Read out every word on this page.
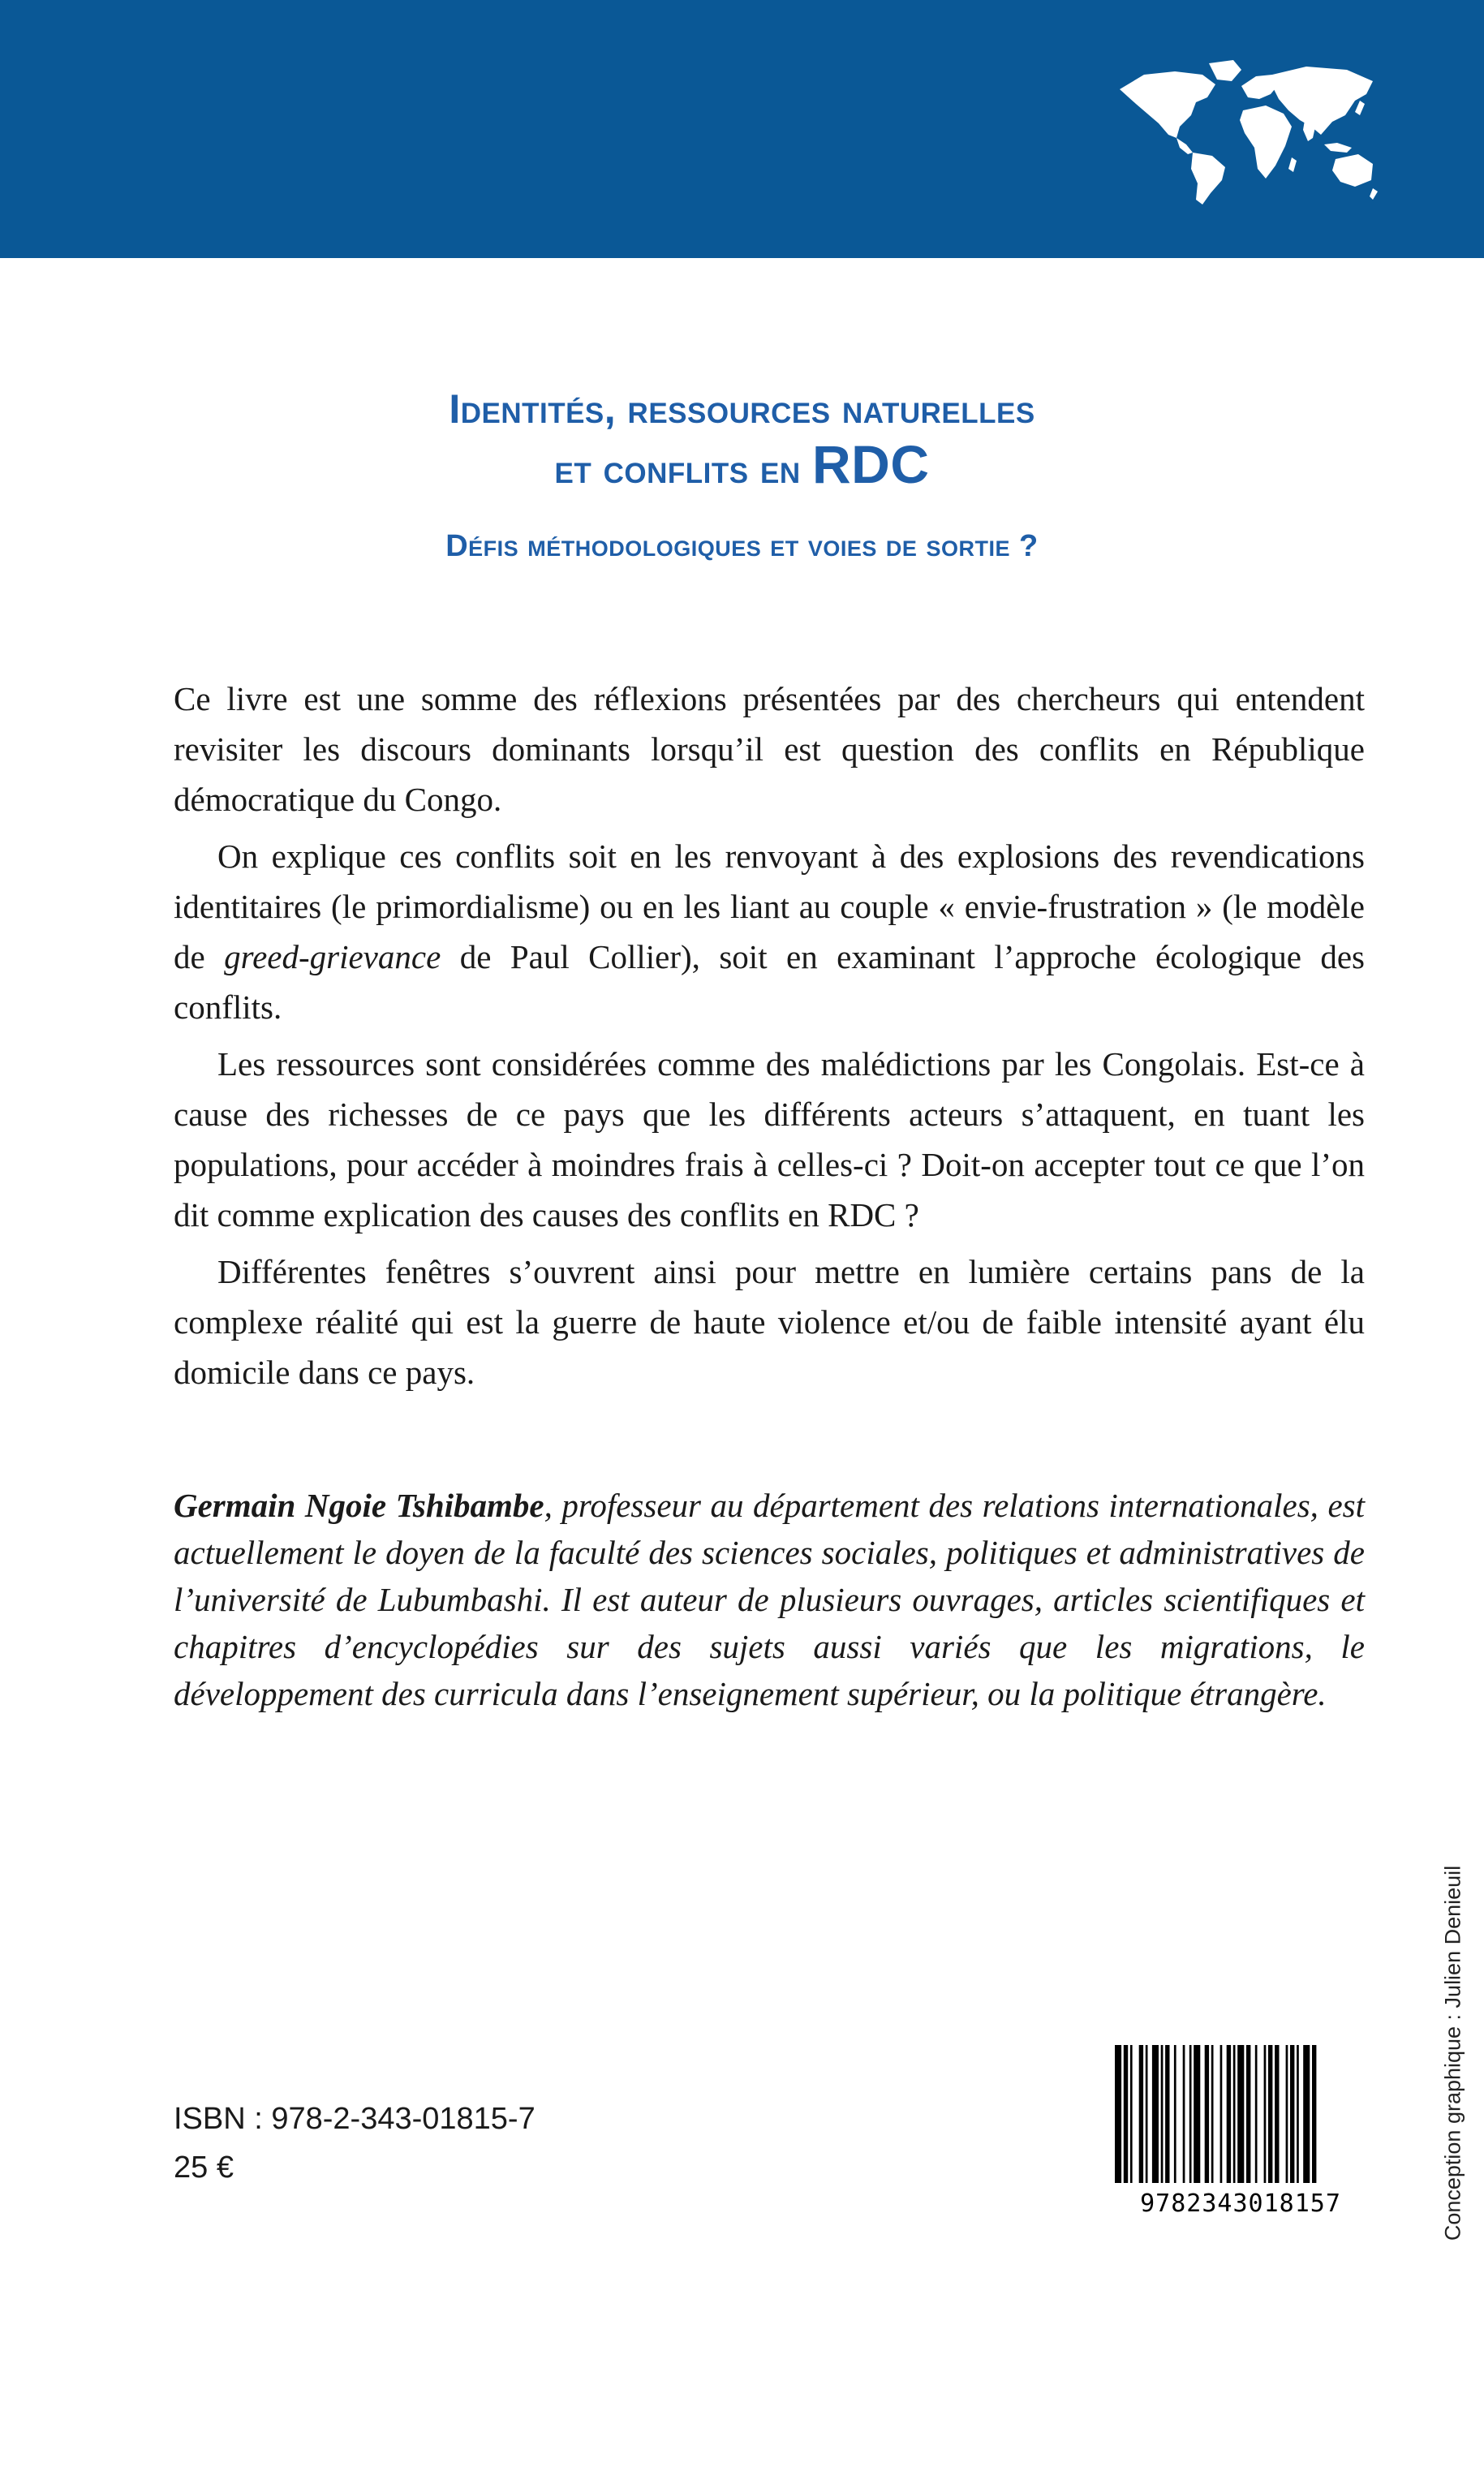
Identités, ressources naturelles
et conflits en RDC
Défis méthodologiques et voies de sortie ?

Ce livre est une somme des réflexions présentées par des chercheurs qui entendent revisiter les discours dominants lorsqu’il est question des conflits en République démocratique du Congo.

On explique ces conflits soit en les renvoyant à des explosions des revendications identitaires (le primordialisme) ou en les liant au couple « envie-frustration » (le modèle de greed-grievance de Paul Collier), soit en examinant l’approche écologique des conflits.

Les ressources sont considérées comme des malédictions par les Congolais. Est-ce à cause des richesses de ce pays que les différents acteurs s’attaquent, en tuant les populations, pour accéder à moindres frais à celles-ci ? Doit-on accepter tout ce que l’on dit comme explication des causes des conflits en RDC ?

Différentes fenêtres s’ouvrent ainsi pour mettre en lumière certains pans de la complexe réalité qui est la guerre de haute violence et/ou de faible intensité ayant élu domicile dans ce pays.

Germain Ngoie Tshibambe, professeur au département des relations internationales, est actuellement le doyen de la faculté des sciences sociales, politiques et administratives de l’université de Lubumbashi. Il est auteur de plusieurs ouvrages, articles scientifiques et chapitres d’encyclopédies sur des sujets aussi variés que les migrations, le développement des curricula dans l’enseignement supérieur, ou la politique étrangère.
Conception graphique : Julien Denieuil
ISBN : 978-2-343-01815-7
25 €
9782343018157
